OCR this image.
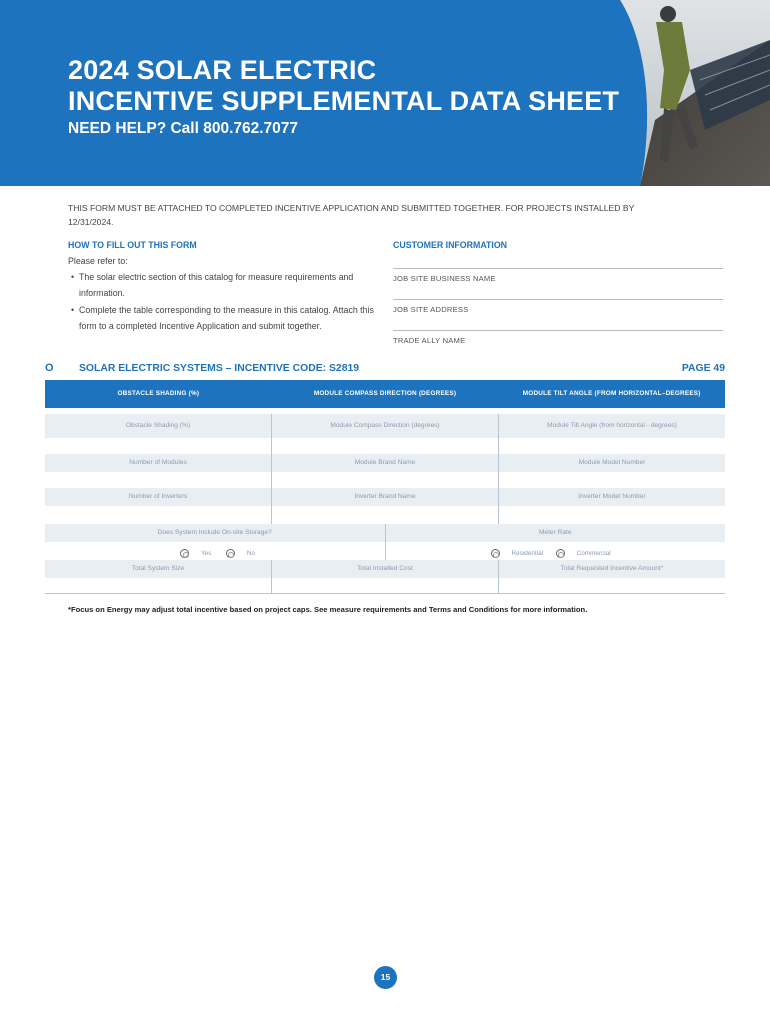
2024 SOLAR ELECTRIC
INCENTIVE SUPPLEMENTAL DATA SHEET
NEED HELP? Call 800.762.7077
THIS FORM MUST BE ATTACHED TO COMPLETED INCENTIVE APPLICATION AND SUBMITTED TOGETHER. FOR PROJECTS INSTALLED BY 12/31/2024.
HOW TO FILL OUT THIS FORM
Please refer to:
• The solar electric section of this catalog for measure requirements and information.
• Complete the table corresponding to the measure in this catalog. Attach this form to a completed Incentive Application and submit together.
CUSTOMER INFORMATION
JOB SITE BUSINESS NAME
JOB SITE ADDRESS
TRADE ALLY NAME
O SOLAR ELECTRIC SYSTEMS – INCENTIVE CODE: S2819	PAGE 49
OBSTACLE SHADING (%)	MODULE COMPASS DIRECTION (DEGREES)	MODULE TILT ANGLE (FROM HORIZONTAL–DEGREES)
Obstacle Shading (%)	Module Compass Direction (degrees)	Module Tilt Angle (from horizontal - degrees)
Number of Modules	Module Brand Name	Module Model Number
Number of Inverters	Inverter Brand Name	Inverter Model Number
Does System Include On-site Storage?
Yes
	No
Meter Rate
Residential
	Commercial
Total System Size	Total Installed Cost	Total Requested Incentive Amount*
*Focus on Energy may adjust total incentive based on project caps. See measure requirements and Terms and Conditions for more information.
15
